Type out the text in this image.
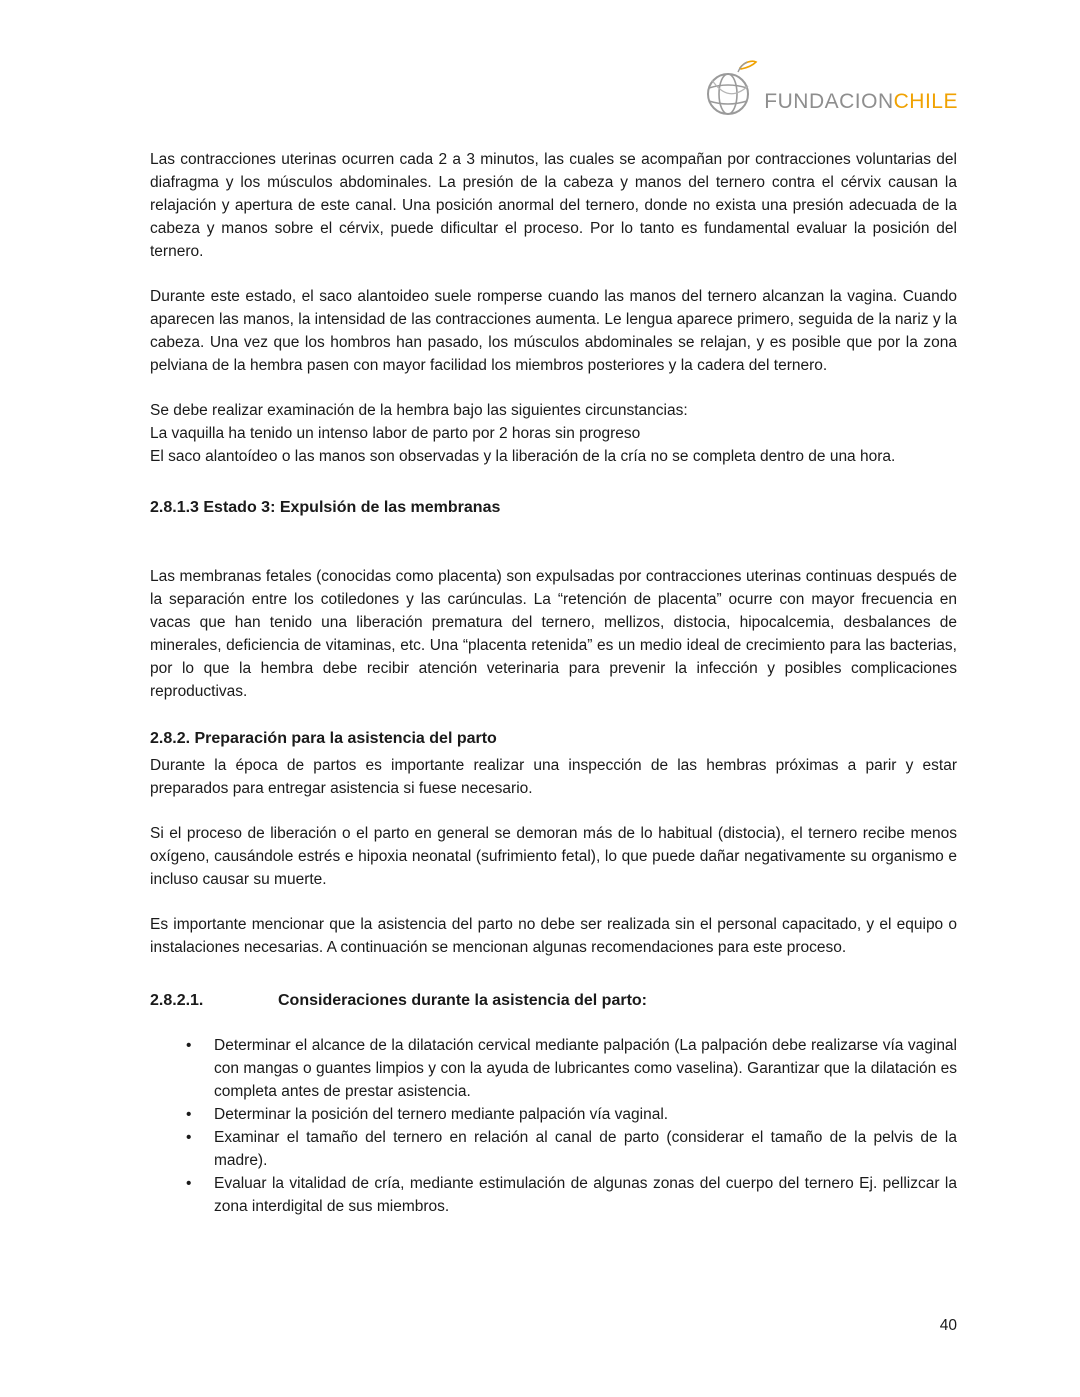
FUNDACIONCHILE

Las contracciones uterinas ocurren cada 2 a 3 minutos, las cuales se acompañan por contracciones voluntarias del diafragma y los músculos abdominales. La presión de la cabeza y manos del ternero contra el cérvix causan la relajación y apertura de este canal. Una posición anormal del ternero, donde no exista una presión adecuada de la cabeza y manos sobre el cérvix, puede dificultar el proceso. Por lo tanto es fundamental evaluar la posición del ternero.

Durante este estado, el saco alantoideo suele romperse cuando las manos del ternero alcanzan la vagina. Cuando aparecen las manos, la intensidad de las contracciones aumenta. Le lengua aparece primero, seguida de la nariz y la cabeza. Una vez que los hombros han pasado, los músculos abdominales se relajan, y es posible que por la zona pelviana de la hembra pasen con mayor facilidad los miembros posteriores y la cadera del ternero.

Se debe realizar examinación de la hembra bajo las siguientes circunstancias:
La vaquilla ha tenido un intenso labor de parto por 2 horas sin progreso
El saco alantoídeo o las manos son observadas y la liberación de la cría no se completa dentro de una hora.
2.8.1.3 Estado 3: Expulsión de las membranas

Las membranas fetales (conocidas como placenta) son expulsadas por contracciones uterinas continuas después de la separación entre los cotiledones y las carúnculas. La “retención de placenta” ocurre con mayor frecuencia en vacas que han tenido una liberación prematura del ternero, mellizos, distocia, hipocalcemia, desbalances de minerales, deficiencia de vitaminas, etc. Una “placenta retenida” es un medio ideal de crecimiento para las bacterias, por lo que la hembra debe recibir atención veterinaria para prevenir la infección y posibles complicaciones reproductivas.

2.8.2. Preparación para la asistencia del parto

Durante la época de partos es importante realizar una inspección de las hembras próximas a parir y estar preparados para entregar asistencia si fuese necesario.

Si el proceso de liberación o el parto en general se demoran más de lo habitual (distocia), el ternero recibe menos oxígeno, causándole estrés e hipoxia neonatal (sufrimiento fetal), lo que puede dañar negativamente su organismo e incluso causar su muerte.

Es importante mencionar que la asistencia del parto no debe ser realizada sin el personal capacitado, y el equipo o instalaciones necesarias. A continuación se mencionan algunas recomendaciones para este proceso.

2.8.2.1.	Consideraciones durante la asistencia del parto:
•	Determinar el alcance de la dilatación cervical mediante palpación (La palpación debe realizarse vía vaginal con mangas o guantes limpios y con la ayuda de lubricantes como vaselina). Garantizar que la dilatación es completa antes de prestar asistencia.
•	Determinar la posición del ternero mediante palpación vía vaginal.
•	Examinar el tamaño del ternero en relación al canal de parto (considerar el tamaño de la pelvis de la madre).
•	Evaluar la vitalidad de cría, mediante estimulación de algunas zonas del cuerpo del ternero Ej. pellizcar la zona interdigital de sus miembros.
40
